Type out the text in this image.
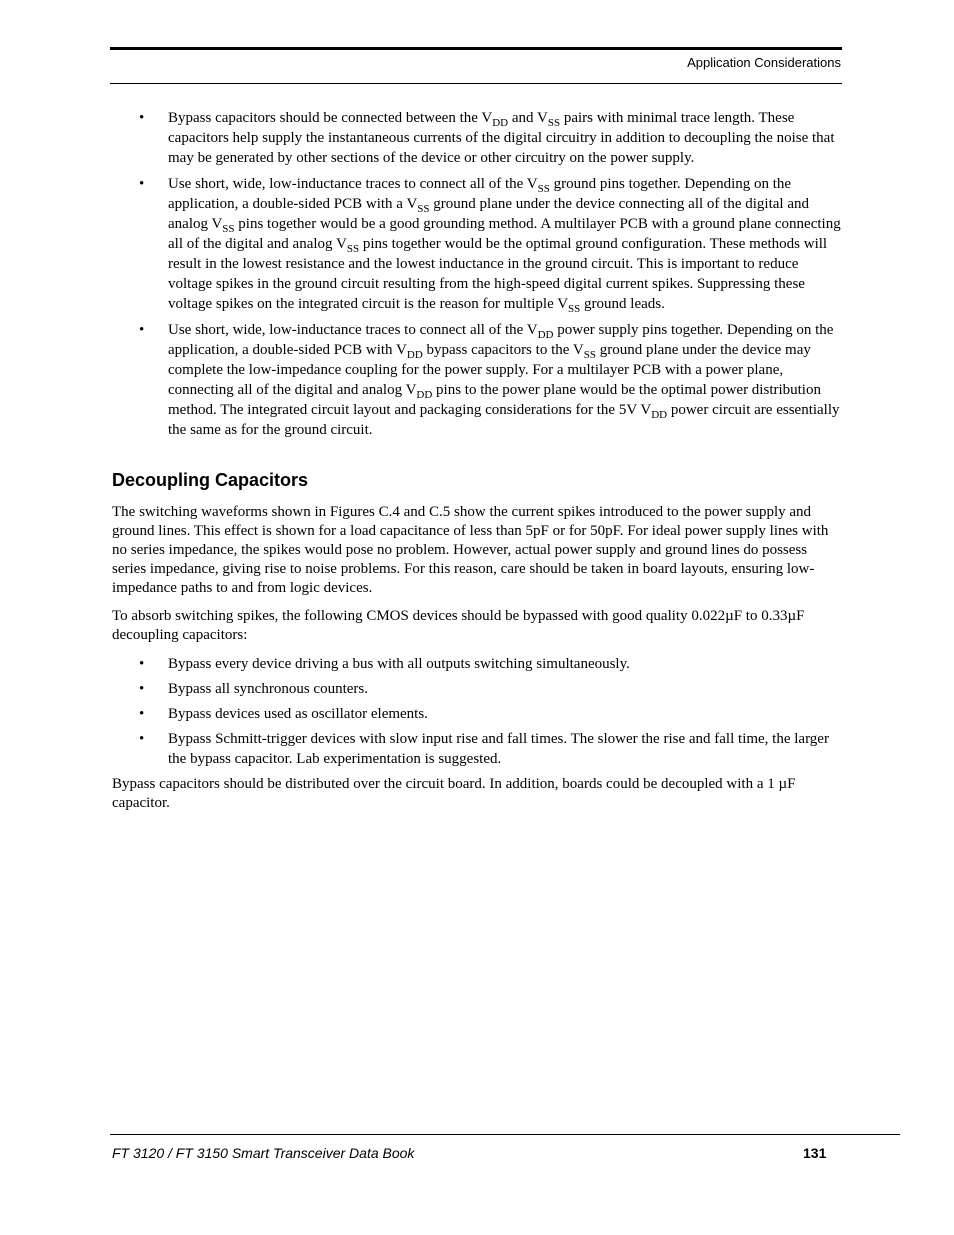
Application Considerations
• Bypass capacitors should be connected between the $V_{DD}$ and $V_{SS}$ pairs with minimal trace length. These capacitors help supply the instantaneous currents of the digital circuitry in addition to decoupling the noise that may be generated by other sections of the device or other circuitry on the power supply.
• Use short, wide, low-inductance traces to connect all of the $V_{SS}$ ground pins together. Depending on the application, a double-sided PCB with a $V_{SS}$ ground plane under the device connecting all of the digital and analog $V_{SS}$ pins together would be a good grounding method. A multilayer PCB with a ground plane connecting all of the digital and analog $V_{SS}$ pins together would be the optimal ground configuration. These methods will result in the lowest resistance and the lowest inductance in the ground circuit. This is important to reduce voltage spikes in the ground circuit resulting from the high-speed digital current spikes. Suppressing these voltage spikes on the integrated circuit is the reason for multiple $V_{SS}$ ground leads.
• Use short, wide, low-inductance traces to connect all of the $V_{DD}$ power supply pins together. Depending on the application, a double-sided PCB with $V_{DD}$ bypass capacitors to the $V_{SS}$ ground plane under the device may complete the low-impedance coupling for the power supply. For a multilayer PCB with a power plane, connecting all of the digital and analog $V_{DD}$ pins to the power plane would be the optimal power distribution method. The integrated circuit layout and packaging considerations for the 5V $V_{DD}$ power circuit are essentially the same as for the ground circuit.
Decoupling Capacitors

The switching waveforms shown in Figures C.4 and C.5 show the current spikes introduced to the power supply and ground lines. This effect is shown for a load capacitance of less than 5pF or for 50pF. For ideal power supply lines with no series impedance, the spikes would pose no problem. However, actual power supply and ground lines do possess series impedance, giving rise to noise problems. For this reason, care should be taken in board layouts, ensuring low-impedance paths to and from logic devices.

To absorb switching spikes, the following CMOS devices should be bypassed with good quality 0.022µF to 0.33µF decoupling capacitors:

• Bypass every device driving a bus with all outputs switching simultaneously.
• Bypass all synchronous counters.
• Bypass devices used as oscillator elements.
• Bypass Schmitt-trigger devices with slow input rise and fall times. The slower the rise and fall time, the larger the bypass capacitor. Lab experimentation is suggested.

Bypass capacitors should be distributed over the circuit board. In addition, boards could be decoupled with a 1 µF capacitor.

FT 3120 / FT 3150 Smart Transceiver Data Book	131
